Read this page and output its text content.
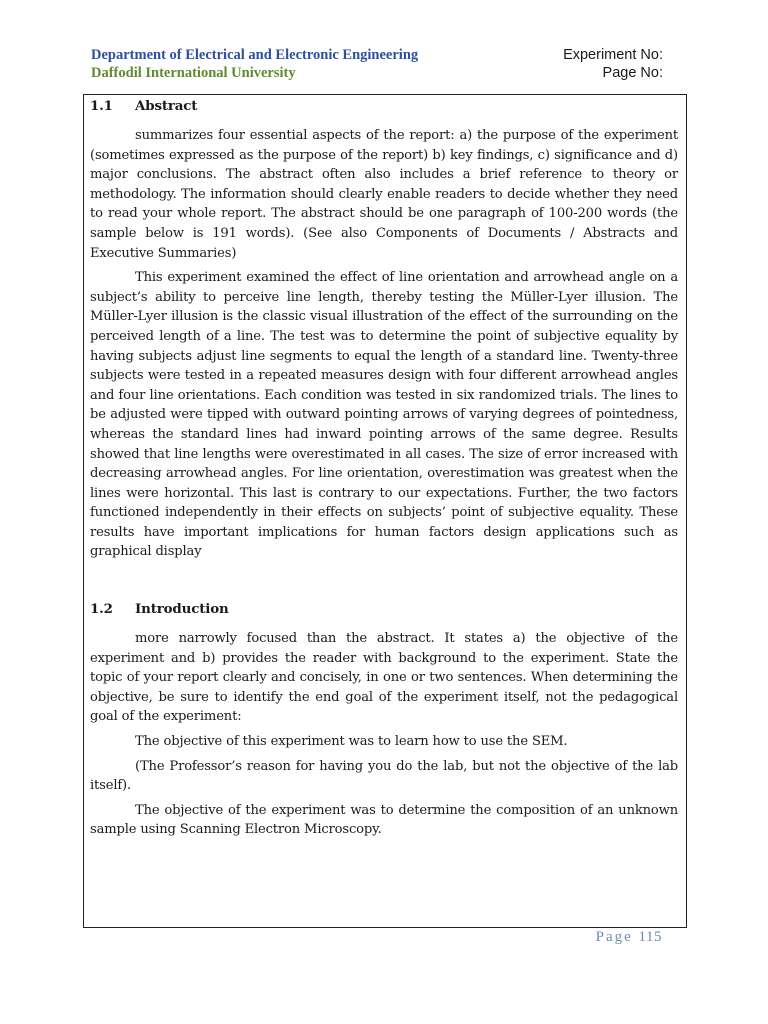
Department of Electrical and Electronic Engineering
Daffodil International University
Experiment No:
Page No:
1.1 Abstract

summarizes four essential aspects of the report: a) the purpose of the experiment (sometimes expressed as the purpose of the report) b) key findings, c) significance and d) major conclusions. The abstract often also includes a brief reference to theory or methodology. The information should clearly enable readers to decide whether they need to read your whole report. The abstract should be one paragraph of 100-200 words (the sample below is 191 words). (See also Components of Documents / Abstracts and Executive Summaries)

This experiment examined the effect of line orientation and arrowhead angle on a subject’s ability to perceive line length, thereby testing the Müller-Lyer illusion. The Müller-Lyer illusion is the classic visual illustration of the effect of the surrounding on the perceived length of a line. The test was to determine the point of subjective equality by having subjects adjust line segments to equal the length of a standard line. Twenty-three subjects were tested in a repeated measures design with four different arrowhead angles and four line orientations. Each condition was tested in six randomized trials. The lines to be adjusted were tipped with outward pointing arrows of varying degrees of pointedness, whereas the standard lines had inward pointing arrows of the same degree. Results showed that line lengths were overestimated in all cases. The size of error increased with decreasing arrowhead angles. For line orientation, overestimation was greatest when the lines were horizontal. This last is contrary to our expectations. Further, the two factors functioned independently in their effects on subjects’ point of subjective equality. These results have important implications for human factors design applications such as graphical display

1.2 Introduction

more narrowly focused than the abstract. It states a) the objective of the experiment and b) provides the reader with background to the experiment. State the topic of your report clearly and concisely, in one or two sentences. When determining the objective, be sure to identify the end goal of the experiment itself, not the pedagogical goal of the experiment:

The objective of this experiment was to learn how to use the SEM.

(The Professor’s reason for having you do the lab, but not the objective of the lab itself).

The objective of the experiment was to determine the composition of an unknown sample using Scanning Electron Microscopy.

Page 115
